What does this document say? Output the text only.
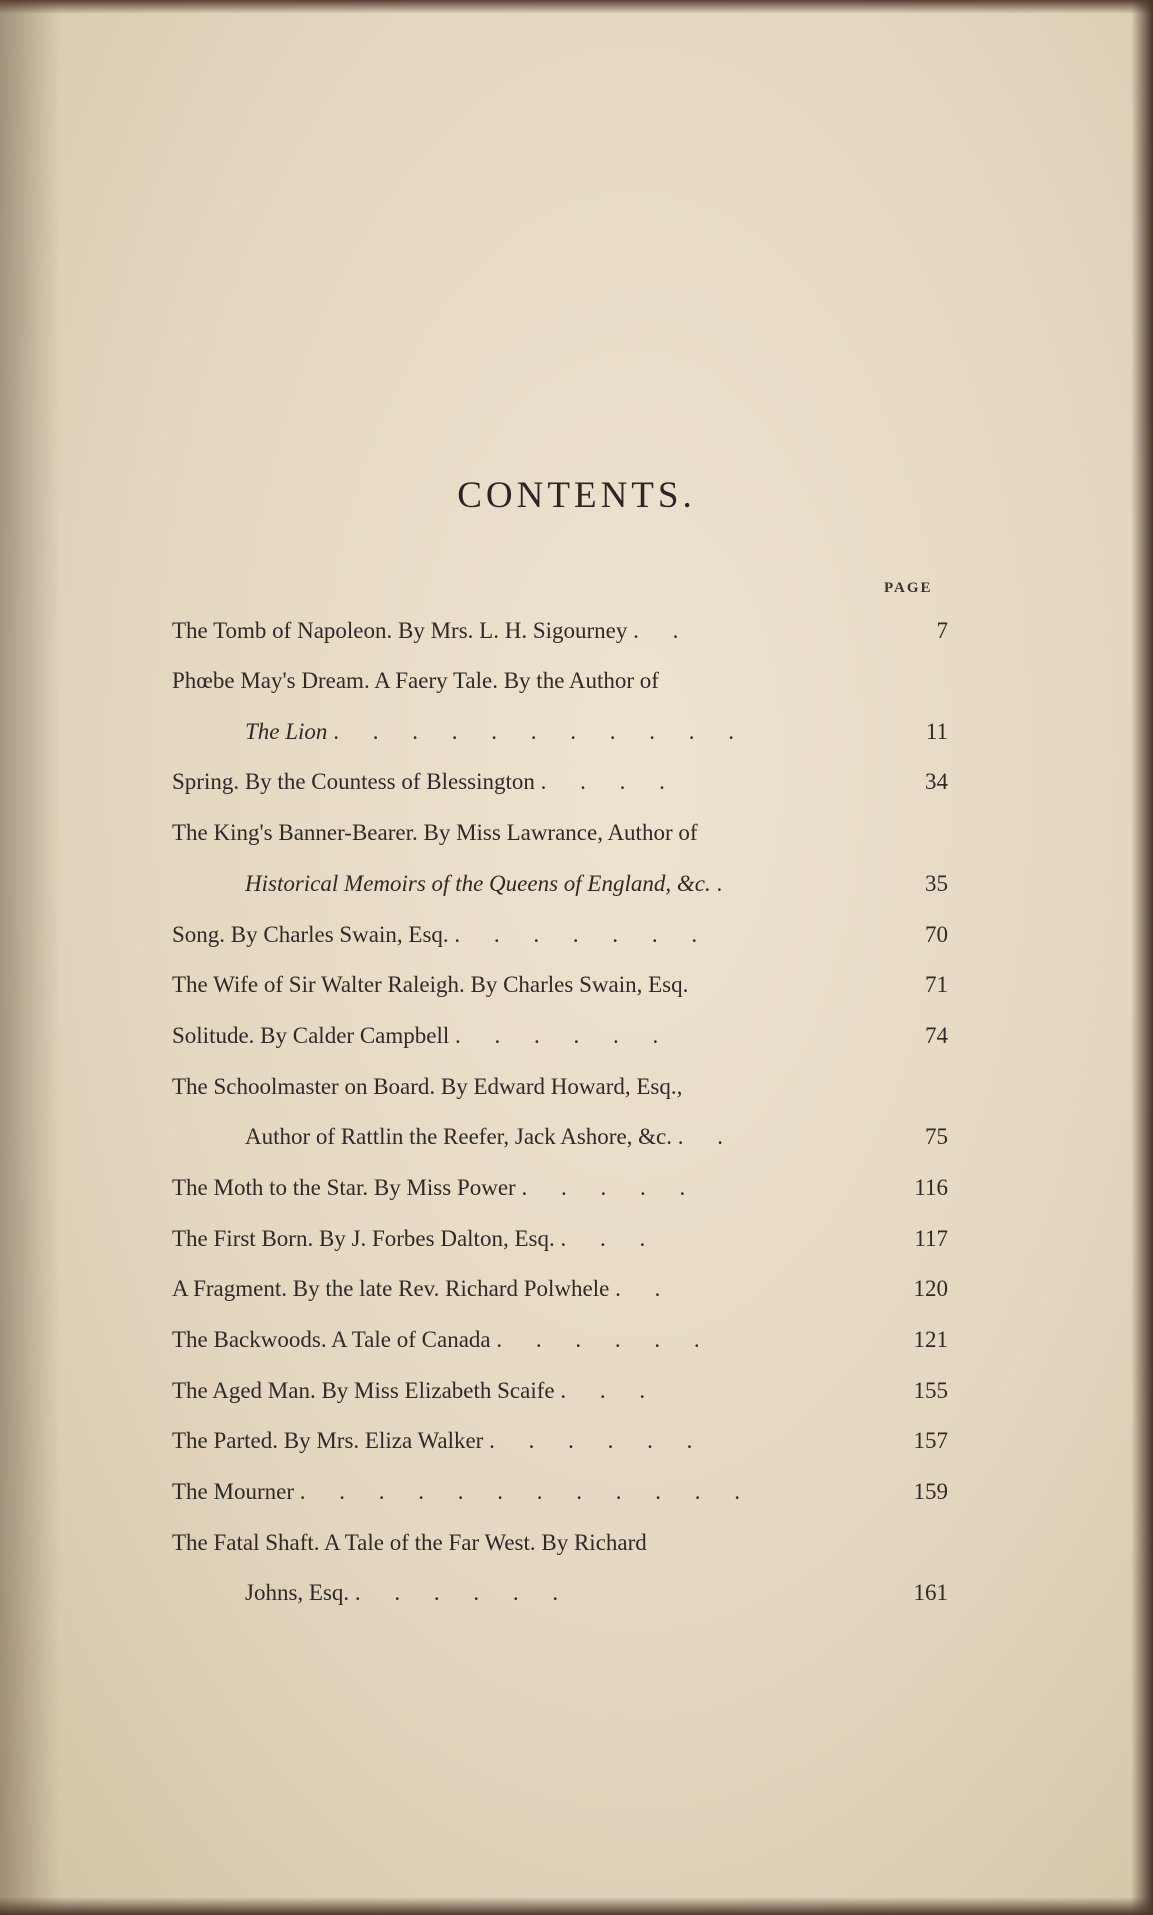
CONTENTS.
PAGE
The Tomb of Napoleon. By Mrs. L. H. Sigourney . .	7
Phœbe May's Dream. A Faery Tale. By the Author of
The Lion . . . . . . . . . . .	11
Spring. By the Countess of Blessington . . . .	34
The King's Banner-Bearer. By Miss Lawrance, Author of
Historical Memoirs of the Queens of England, &c. .	35
Song. By Charles Swain, Esq. . . . . . . .	70
The Wife of Sir Walter Raleigh. By Charles Swain, Esq.	71
Solitude. By Calder Campbell . . . . . .	74
The Schoolmaster on Board. By Edward Howard, Esq.,
Author of Rattlin the Reefer, Jack Ashore, &c. . .	75
The Moth to the Star. By Miss Power . . . . .	116
The First Born. By J. Forbes Dalton, Esq. . . .	117
A Fragment. By the late Rev. Richard Polwhele . .	120
The Backwoods. A Tale of Canada . . . . . .	121
The Aged Man. By Miss Elizabeth Scaife . . .	155
The Parted. By Mrs. Eliza Walker . . . . . .	157
The Mourner . . . . . . . . . . . .	159
The Fatal Shaft. A Tale of the Far West. By Richard
Johns, Esq. . . . . . .	161
